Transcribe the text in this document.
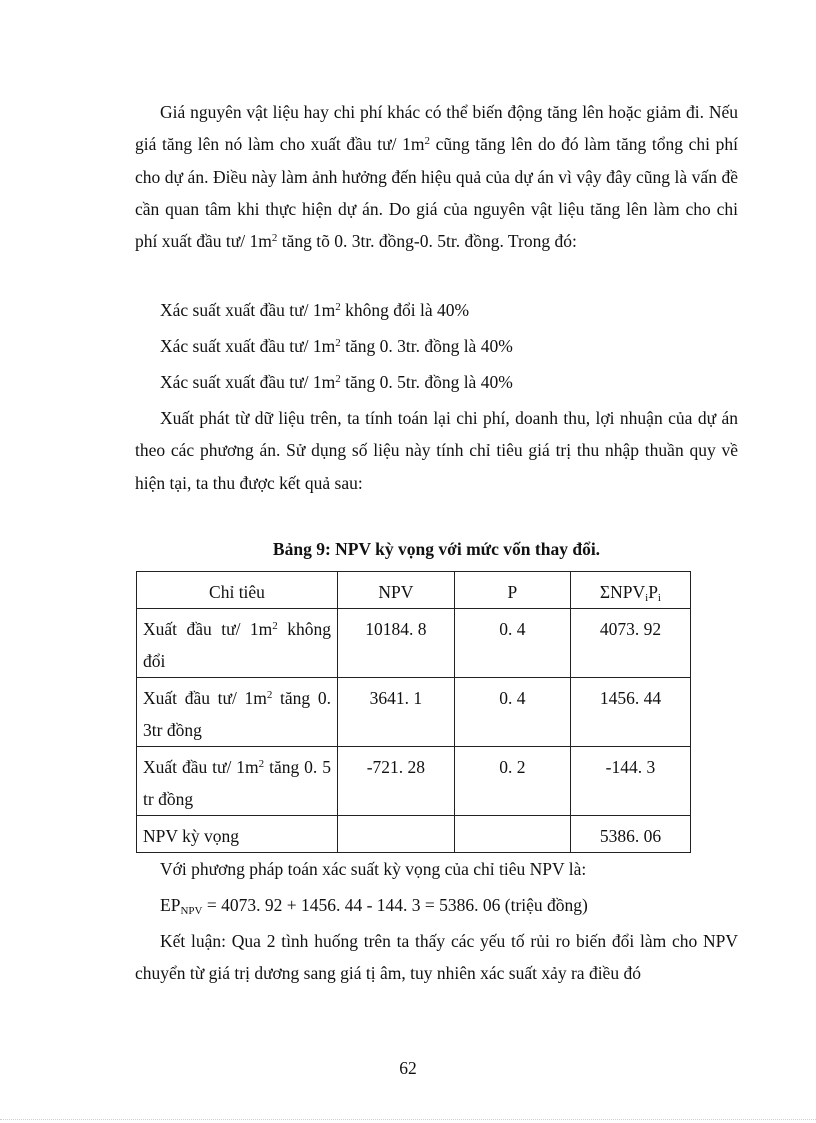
Giá nguyên vật liệu hay chi phí khác có thể biến động tăng lên hoặc giảm đi. Nếu giá tăng lên nó làm cho xuất đầu tư/ $1m^2$ cũng tăng lên do đó làm tăng tổng chi phí cho dự án. Điều này làm ảnh hưởng đến hiệu quả của dự án vì vậy đây cũng là vấn đề cần quan tâm khi thực hiện dự án. Do giá của nguyên vật liệu tăng lên làm cho chi phí xuất đầu tư/ $1m^2$ tăng tõ 0. 3tr. đồng-0. 5tr. đồng. Trong đó:

Xác suất xuất đầu tư/ $1m^2$ không đổi là 40%

Xác suất xuất đầu tư/ $1m^2$ tăng 0. 3tr. đồng là 40%

Xác suất xuất đầu tư/ $1m^2$ tăng 0. 5tr. đồng là 40%

Xuất phát từ dữ liệu trên, ta tính toán lại chi phí, doanh thu, lợi nhuận của dự án theo các phương án. Sử dụng số liệu này tính chỉ tiêu giá trị thu nhập thuần quy về hiện tại, ta thu được kết quả sau:

Bảng 9: NPV kỳ vọng với mức vốn thay đổi.

Chỉ tiêu	NPV	P	$\Sigma NPV_iP_i$
Xuất đầu tư/ $1m^2$ không đổi	10184. 8	0. 4	4073. 92
Xuất đầu tư/ $1m^2$ tăng 0. 3tr đồng	3641. 1	0. 4	1456. 44
Xuất đầu tư/ $1m^2$ tăng 0. 5 tr đồng	-721. 28	0. 2	-144. 3
NPV kỳ vọng			5386. 06

Với phương pháp toán xác suất kỳ vọng của chỉ tiêu NPV là:

$EP_{NPV} = 4073$. 92 + 1456. 44 - 144. 3 = 5386. 06 (triệu đồng)

Kết luận: Qua 2 tình huống trên ta thấy các yếu tố rủi ro biến đổi làm cho NPV chuyển từ giá trị dương sang giá tị âm, tuy nhiên xác suất xảy ra điều đó

62
